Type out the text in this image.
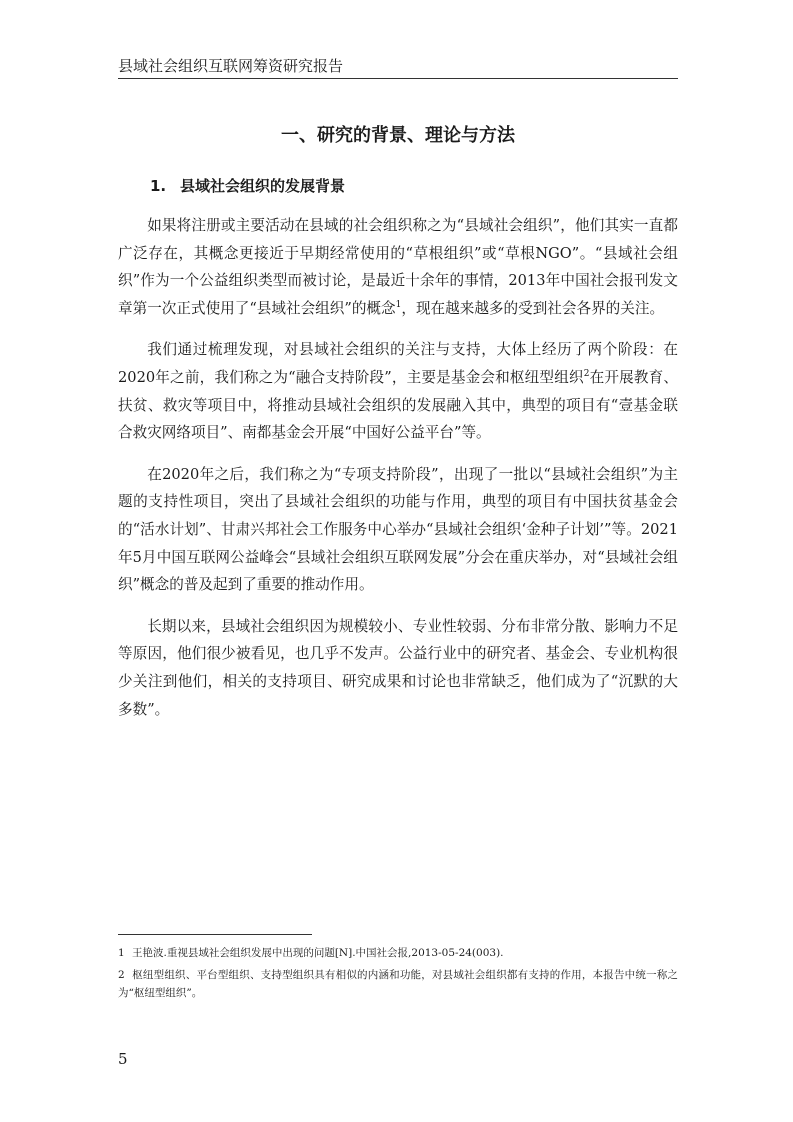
县域社会组织互联网筹资研究报告
一、研究的背景、理论与方法
1. 县域社会组织的发展背景

如果将注册或主要活动在县域的社会组织称之为“县域社会组织”，他们其实一直都广泛存在，其概念更接近于早期经常使用的“草根组织”或“草根NGO”。“县域社会组织”作为一个公益组织类型而被讨论，是最近十余年的事情，2013年中国社会报刊发文章第一次正式使用了“县域社会组织”的概念$^1$，现在越来越多的受到社会各界的关注。

我们通过梳理发现，对县域社会组织的关注与支持，大体上经历了两个阶段：在2020年之前，我们称之为“融合支持阶段”，主要是基金会和枢纽型组织$^2$在开展教育、扶贫、救灾等项目中，将推动县域社会组织的发展融入其中，典型的项目有“壹基金联合救灾网络项目”、南都基金会开展“中国好公益平台”等。

在2020年之后，我们称之为“专项支持阶段”，出现了一批以“县域社会组织”为主题的支持性项目，突出了县域社会组织的功能与作用，典型的项目有中国扶贫基金会的“活水计划”、甘肃兴邦社会工作服务中心举办“县域社会组织‘金种子计划’”等。2021年5月中国互联网公益峰会“县域社会组织互联网发展”分会在重庆举办，对“县域社会组织”概念的普及起到了重要的推动作用。

长期以来，县域社会组织因为规模较小、专业性较弱、分布非常分散、影响力不足等原因，他们很少被看见，也几乎不发声。公益行业中的研究者、基金会、专业机构很少关注到他们，相关的支持项目、研究成果和讨论也非常缺乏，他们成为了“沉默的大多数”。

1 王艳波.重视县域社会组织发展中出现的问题[N].中国社会报,2013-05-24(003).

2 枢纽型组织、平台型组织、支持型组织具有相似的内涵和功能，对县域社会组织都有支持的作用，本报告中统一称之为“枢纽型组织”。

5
